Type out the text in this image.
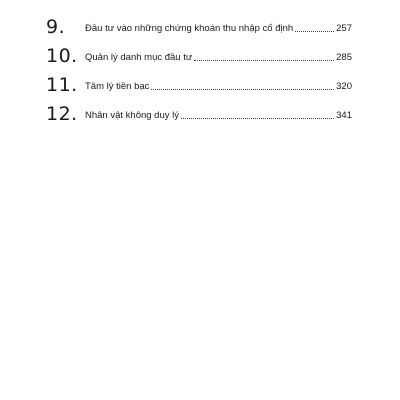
9.	Đầu tư vào những chứng khoán thu nhập cố định	257
10. Quản lý danh mục đầu tư	285
11. Tâm lý tiền bạc	320
12. Nhân vật không duy lý	341
